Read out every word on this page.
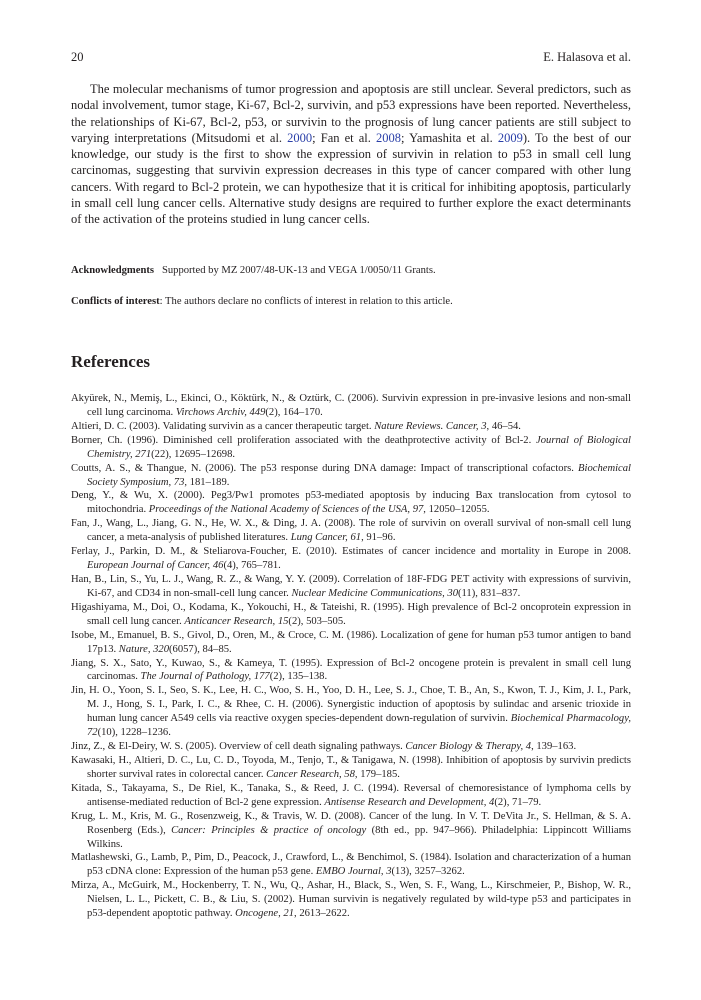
20	E. Halasova et al.

The molecular mechanisms of tumor progression and apoptosis are still unclear. Several predictors, such as nodal involvement, tumor stage, Ki-67, Bcl-2, survivin, and p53 expressions have been reported. Nevertheless, the relationships of Ki-67, Bcl-2, p53, or survivin to the prognosis of lung cancer patients are still subject to varying interpretations (Mitsudomi et al. 2000; Fan et al. 2008; Yamashita et al. 2009). To the best of our knowledge, our study is the first to show the expression of survivin in relation to p53 in small cell lung carcinomas, suggesting that survivin expression decreases in this type of cancer compared with other lung cancers. With regard to Bcl-2 protein, we can hypothesize that it is critical for inhibiting apoptosis, particularly in small cell lung cancer cells. Alternative study designs are required to further explore the exact determinants of the activation of the proteins studied in lung cancer cells.

Acknowledgments Supported by MZ 2007/48-UK-13 and VEGA 1/0050/11 Grants.
Conflicts of interest: The authors declare no conflicts of interest in relation to this article.
References

Akyürek, N., Memiş, L., Ekinci, O., Köktürk, N., & Oztürk, C. (2006). Survivin expression in pre-invasive lesions and non-small cell lung carcinoma. Virchows Archiv, 449(2), 164–170.

Altieri, D. C. (2003). Validating survivin as a cancer therapeutic target. Nature Reviews. Cancer, 3, 46–54.

Borner, Ch. (1996). Diminished cell proliferation associated with the deathprotective activity of Bcl-2. Journal of Biological Chemistry, 271(22), 12695–12698.

Coutts, A. S., & Thangue, N. (2006). The p53 response during DNA damage: Impact of transcriptional cofactors. Biochemical Society Symposium, 73, 181–189.

Deng, Y., & Wu, X. (2000). Peg3/Pw1 promotes p53-mediated apoptosis by inducing Bax translocation from cytosol to mitochondria. Proceedings of the National Academy of Sciences of the USA, 97, 12050–12055.

Fan, J., Wang, L., Jiang, G. N., He, W. X., & Ding, J. A. (2008). The role of survivin on overall survival of non-small cell lung cancer, a meta-analysis of published literatures. Lung Cancer, 61, 91–96.

Ferlay, J., Parkin, D. M., & Steliarova-Foucher, E. (2010). Estimates of cancer incidence and mortality in Europe in 2008. European Journal of Cancer, 46(4), 765–781.

Han, B., Lin, S., Yu, L. J., Wang, R. Z., & Wang, Y. Y. (2009). Correlation of 18F-FDG PET activity with expressions of survivin, Ki-67, and CD34 in non-small-cell lung cancer. Nuclear Medicine Communications, 30(11), 831–837.

Higashiyama, M., Doi, O., Kodama, K., Yokouchi, H., & Tateishi, R. (1995). High prevalence of Bcl-2 oncoprotein expression in small cell lung cancer. Anticancer Research, 15(2), 503–505.

Isobe, M., Emanuel, B. S., Givol, D., Oren, M., & Croce, C. M. (1986). Localization of gene for human p53 tumor antigen to band 17p13. Nature, 320(6057), 84–85.

Jiang, S. X., Sato, Y., Kuwao, S., & Kameya, T. (1995). Expression of Bcl-2 oncogene protein is prevalent in small cell lung carcinomas. The Journal of Pathology, 177(2), 135–138.

Jin, H. O., Yoon, S. I., Seo, S. K., Lee, H. C., Woo, S. H., Yoo, D. H., Lee, S. J., Choe, T. B., An, S., Kwon, T. J., Kim, J. I., Park, M. J., Hong, S. I., Park, I. C., & Rhee, C. H. (2006). Synergistic induction of apoptosis by sulindac and arsenic trioxide in human lung cancer A549 cells via reactive oxygen species-dependent down-regulation of survivin. Biochemical Pharmacology, 72(10), 1228–1236.

Jinz, Z., & El-Deiry, W. S. (2005). Overview of cell death signaling pathways. Cancer Biology & Therapy, 4, 139–163.

Kawasaki, H., Altieri, D. C., Lu, C. D., Toyoda, M., Tenjo, T., & Tanigawa, N. (1998). Inhibition of apoptosis by survivin predicts shorter survival rates in colorectal cancer. Cancer Research, 58, 179–185.

Kitada, S., Takayama, S., De Riel, K., Tanaka, S., & Reed, J. C. (1994). Reversal of chemoresistance of lymphoma cells by antisense-mediated reduction of Bcl-2 gene expression. Antisense Research and Development, 4(2), 71–79.

Krug, L. M., Kris, M. G., Rosenzweig, K., & Travis, W. D. (2008). Cancer of the lung. In V. T. DeVita Jr., S. Hellman, & S. A. Rosenberg (Eds.), Cancer: Principles & practice of oncology (8th ed., pp. 947–966). Philadelphia: Lippincott Williams Wilkins.

Matlashewski, G., Lamb, P., Pim, D., Peacock, J., Crawford, L., & Benchimol, S. (1984). Isolation and characterization of a human p53 cDNA clone: Expression of the human p53 gene. EMBO Journal, 3(13), 3257–3262.

Mirza, A., McGuirk, M., Hockenberry, T. N., Wu, Q., Ashar, H., Black, S., Wen, S. F., Wang, L., Kirschmeier, P., Bishop, W. R., Nielsen, L. L., Pickett, C. B., & Liu, S. (2002). Human survivin is negatively regulated by wild-type p53 and participates in p53-dependent apoptotic pathway. Oncogene, 21, 2613–2622.
